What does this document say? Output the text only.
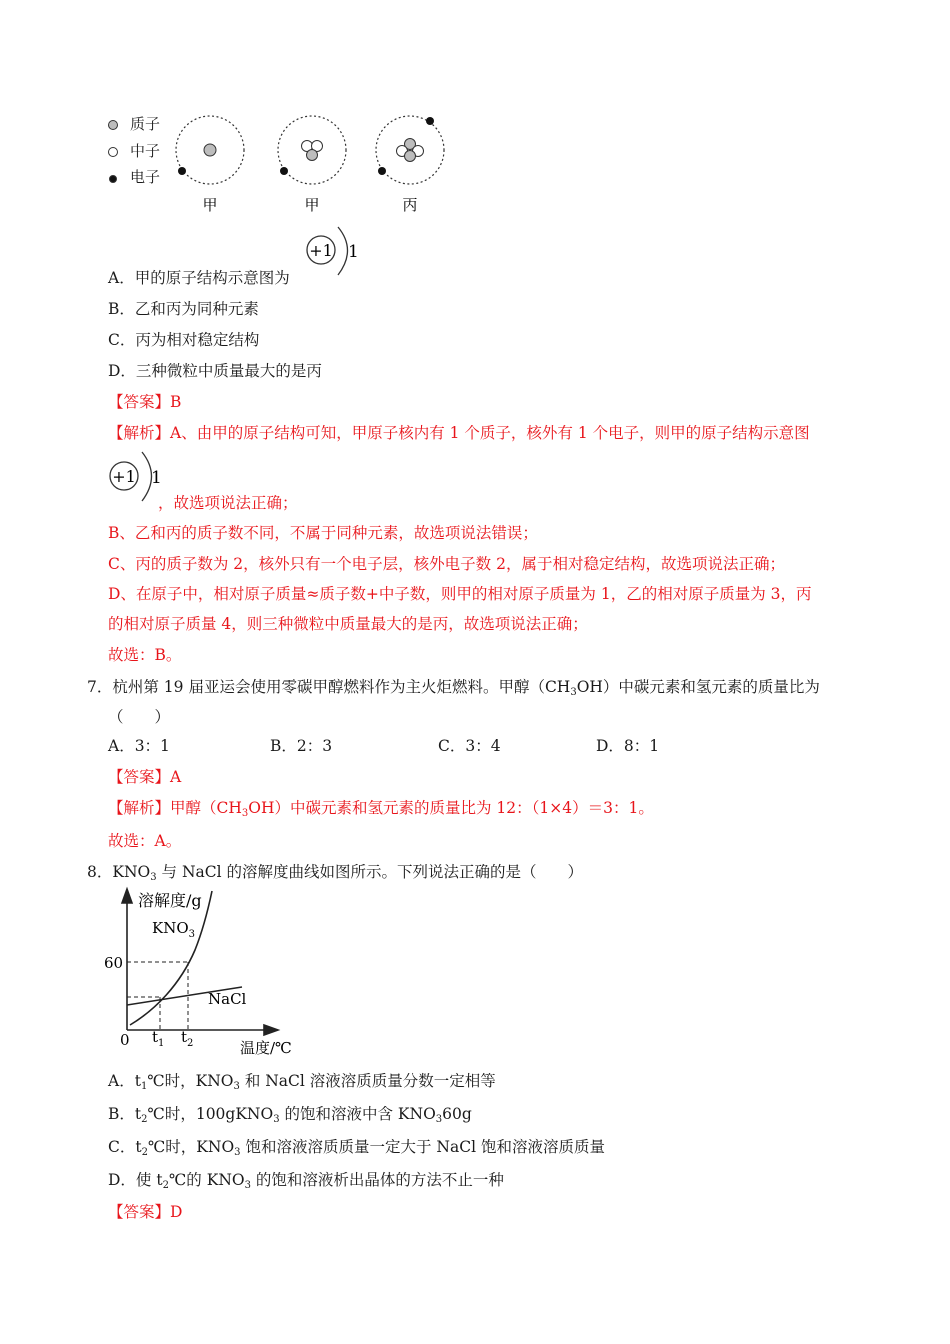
质子
中子
电子
甲	甲	丙
A．甲的原子结构示意图为
+1 1
B．乙和丙为同种元素
C．丙为相对稳定结构
D．三种微粒中质量最大的是丙
【答案】B
【解析】A、由甲的原子结构可知，甲原子核内有 1 个质子，核外有 1 个电子，则甲的原子结构示意图
+1 1
，故选项说法正确；
B、乙和丙的质子数不同，不属于同种元素，故选项说法错误；
C、丙的质子数为 2，核外只有一个电子层，核外电子数 2，属于相对稳定结构，故选项说法正确；
D、在原子中，相对原子质量≈质子数+中子数，则甲的相对原子质量为 1，乙的相对原子质量为 3，丙
的相对原子质量 4，则三种微粒中质量最大的是丙，故选项说法正确；
故选：B。
7．杭州第 19 届亚运会使用零碳甲醇燃料作为主火炬燃料。甲醇$(CH_3OH)$中碳元素和氢元素的质量比为
（　　）
A．3：1	B．2：3	C．3：4	D．8：1
【答案】A
【解析】甲醇$(CH_3OH)$中碳元素和氢元素的质量比为 12：（1×4）＝3：1。
故选：A。
8．$KNO_3$ 与 NaCl 的溶解度曲线如图所示。下列说法正确的是（　　）
溶解度/g
温度/℃
0
60
$t_1$ $t_2$
$KNO_3$
NaCl
A．$t_1℃$时，$KNO_3$ 和 NaCl 溶液溶质质量分数一定相等
B．$t_2℃$时，100gKNO$_3$ 的饱和溶液中含 $KNO_360g$
C．$t_2℃$时，$KNO_3$ 饱和溶液溶质质量一定大于 NaCl 饱和溶液溶质质量
D．使 $t_2℃$的 $KNO_3$ 的饱和溶液析出晶体的方法不止一种
【答案】D
